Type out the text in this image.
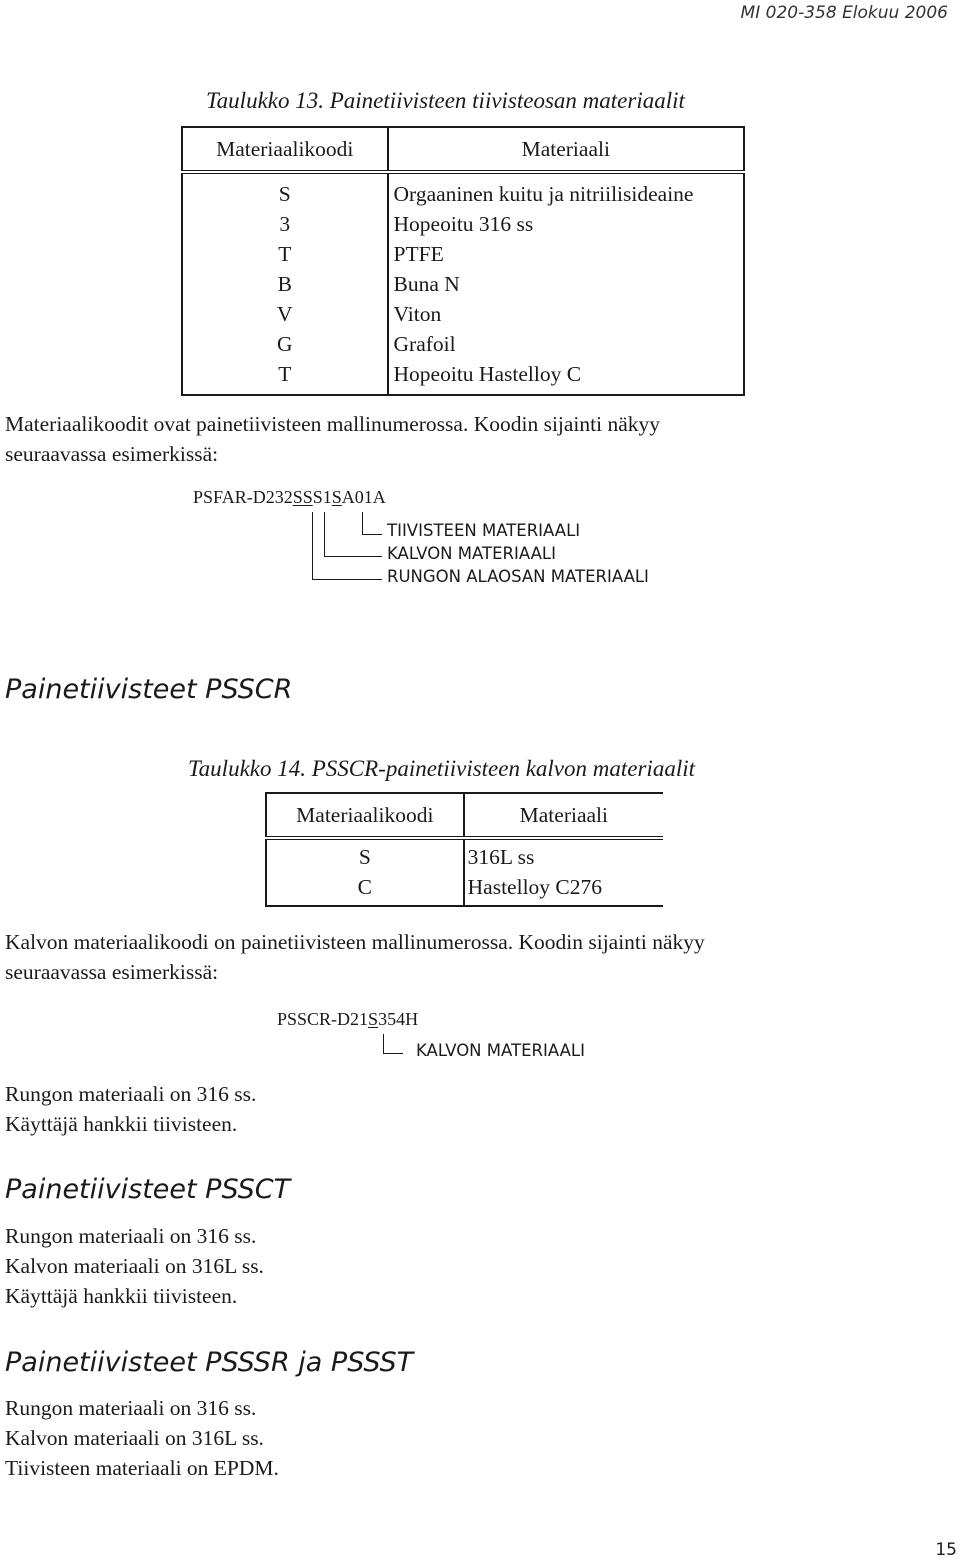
MI 020-358 Elokuu 2006
Taulukko 13. Painetiivisteen tiivisteosan materiaalit
Materiaalikoodi	Materiaali

S	Orgaaninen kuitu ja nitriilisideaine
3	Hopeoitu 316 ss
T	PTFE
B	Buna N
V	Viton
G	Grafoil
T	Hopeoitu Hastelloy C

Materiaalikoodit ovat painetiivisteen mallinumerossa. Koodin sijainti näkyy
seuraavassa esimerkissä:
PSFAR-D232SSS1SA01A
TIIVISTEEN MATERIAALI
KALVON MATERIAALI
RUNGON ALAOSAN MATERIAALI
Painetiivisteet PSSCR
Taulukko 14. PSSCR-painetiivisteen kalvon materiaalit
Materiaalikoodi	Materiaali

S	316L ss
C	Hastelloy C276

Kalvon materiaalikoodi on painetiivisteen mallinumerossa. Koodin sijainti näkyy
seuraavassa esimerkissä:
PSSCR-D21S354H
KALVON MATERIAALI
Rungon materiaali on 316 ss.
Käyttäjä hankkii tiivisteen.
Painetiivisteet PSSCT
Rungon materiaali on 316 ss.
Kalvon materiaali on 316L ss.
Käyttäjä hankkii tiivisteen.
Painetiivisteet PSSSR ja PSSST
Rungon materiaali on 316 ss.
Kalvon materiaali on 316L ss.
Tiivisteen materiaali on EPDM.
15
